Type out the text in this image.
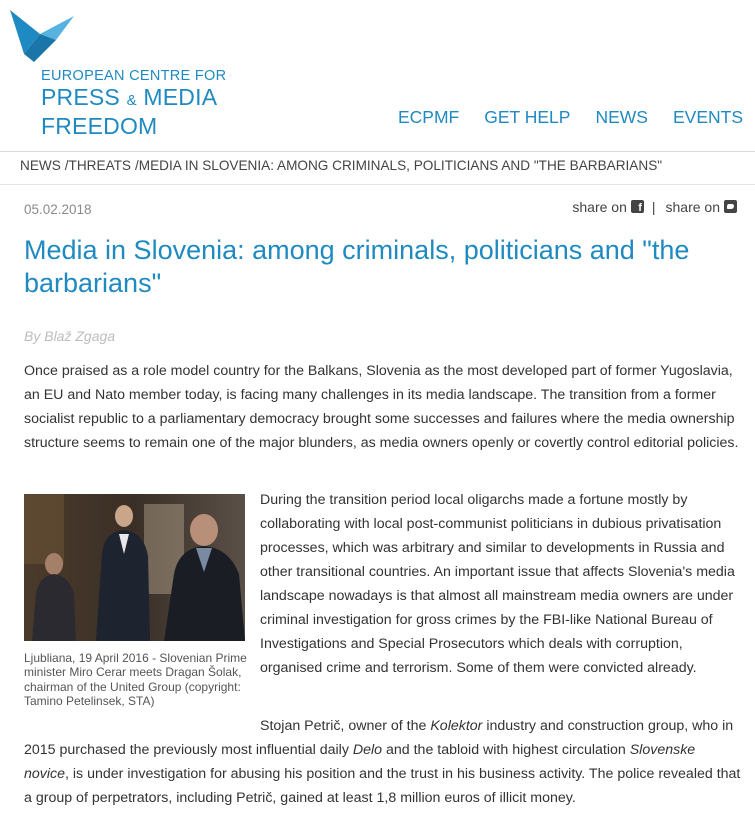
EUROPEAN CENTRE FOR
PRESS & MEDIA
FREEDOM	ECPMF GET HELP NEWS EVENTS
NEWS /THREATS /MEDIA IN SLOVENIA: AMONG CRIMINALS, POLITICIANS AND "THE BARBARIANS"
05.02.2018	share onf	| share on
Media in Slovenia: among criminals, politicians and "the barbarians"
By Blaž Zgaga

Once praised as a role model country for the Balkans, Slovenia as the most developed part of former Yugoslavia, an EU and Nato member today, is facing many challenges in its media landscape. The transition from a former socialist republic to a parliamentary democracy brought some successes and failures where the media ownership structure seems to remain one of the major blunders, as media owners openly or covertly control editorial policies.

Ljubliana, 19 April 2016 - Slovenian Prime minister Miro Cerar meets Dragan Šolak, chairman of the United Group (copyright: Tamino Petelinsek, STA)

During the transition period local oligarchs made a fortune mostly by collaborating with local post-communist politicians in dubious privatisation processes, which was arbitrary and similar to developments in Russia and other transitional countries. An important issue that affects Slovenia's media landscape nowadays is that almost all mainstream media owners are under criminal investigation for gross crimes by the FBI-like National Bureau of Investigations and Special Prosecutors which deals with corruption, organised crime and terrorism. Some of them were convicted already.

Stojan Petrič, owner of the Kolektor industry and construction group, who in 2015 purchased the previously most influential daily Delo and the tabloid with highest circulation Slovenske novice, is under investigation for abusing his position and the trust in his business activity. The police revealed that a group of perpetrators, including Petrič, gained at least 1,8 million euros of illicit money.
